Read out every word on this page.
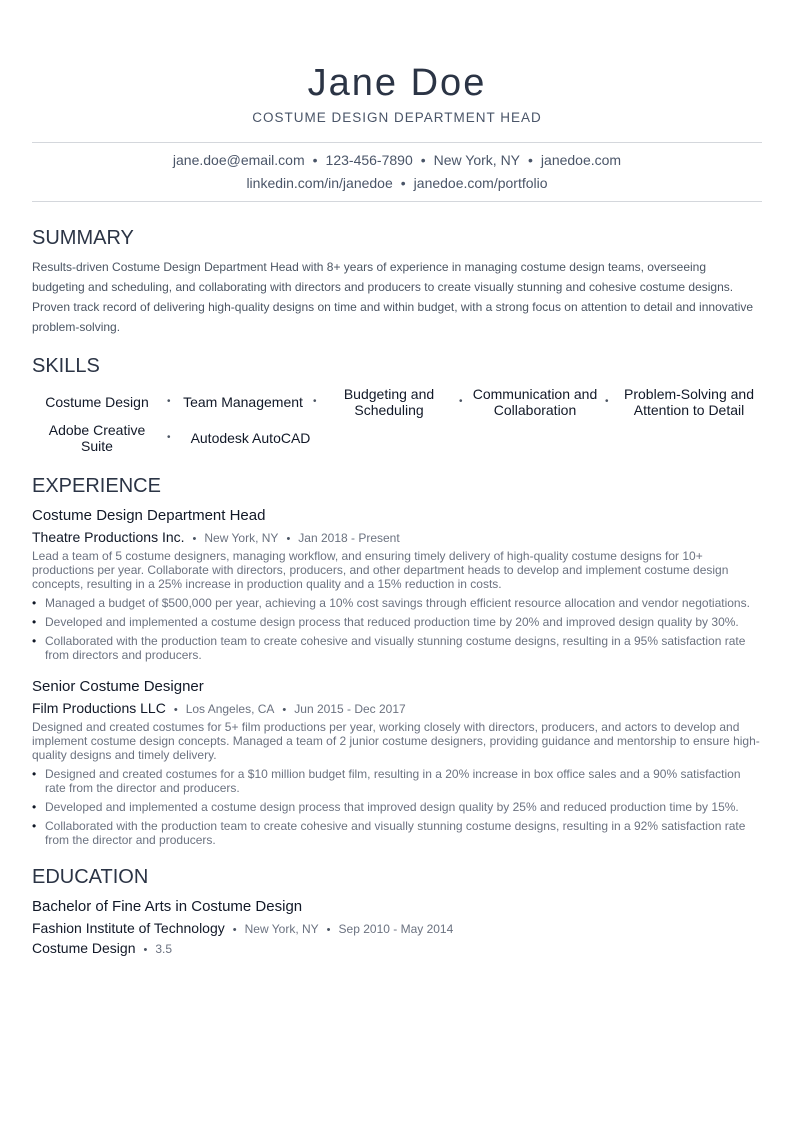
Jane Doe
COSTUME DESIGN DEPARTMENT HEAD
jane.doe@email.com • 123-456-7890 • New York, NY • janedoe.com
linkedin.com/in/janedoe • janedoe.com/portfolio
SUMMARY

Results-driven Costume Design Department Head with 8+ years of experience in managing costume design teams, overseeing budgeting and scheduling, and collaborating with directors and producers to create visually stunning and cohesive costume designs. Proven track record of delivering high-quality designs on time and within budget, with a strong focus on attention to detail and innovative problem-solving.

SKILLS
Costume Design	• Team Management	•	Budgeting and Scheduling
• Communication and Collaboration
•	Problem-Solving and Attention to Detail
Adobe Creative Suite
•	Autodesk AutoCAD
EXPERIENCE
Costume Design Department Head
Theatre Productions Inc. • New York, NY • Jan 2018 - Present

Lead a team of 5 costume designers, managing workflow, and ensuring timely delivery of high-quality costume designs for 10+ productions per year. Collaborate with directors, producers, and other department heads to develop and implement costume design concepts, resulting in a 25% increase in production quality and a 15% reduction in costs.

• Managed a budget of $500,000 per year, achieving a 10% cost savings through efficient resource allocation and vendor negotiations.
• Developed and implemented a costume design process that reduced production time by 20% and improved design quality by 30%.
• Collaborated with the production team to create cohesive and visually stunning costume designs, resulting in a 95% satisfaction rate from directors and producers.
Senior Costume Designer
Film Productions LLC • Los Angeles, CA • Jun 2015 - Dec 2017

Designed and created costumes for 5+ film productions per year, working closely with directors, producers, and actors to develop and implement costume design concepts. Managed a team of 2 junior costume designers, providing guidance and mentorship to ensure high-quality designs and timely delivery.

• Designed and created costumes for a $10 million budget film, resulting in a 20% increase in box office sales and a 90% satisfaction rate from the director and producers.
• Developed and implemented a costume design process that improved design quality by 25% and reduced production time by 15%.
• Collaborated with the production team to create cohesive and visually stunning costume designs, resulting in a 92% satisfaction rate from the director and producers.
EDUCATION
Bachelor of Fine Arts in Costume Design
Fashion Institute of Technology • New York, NY • Sep 2010 - May 2014
Costume Design • 3.5
